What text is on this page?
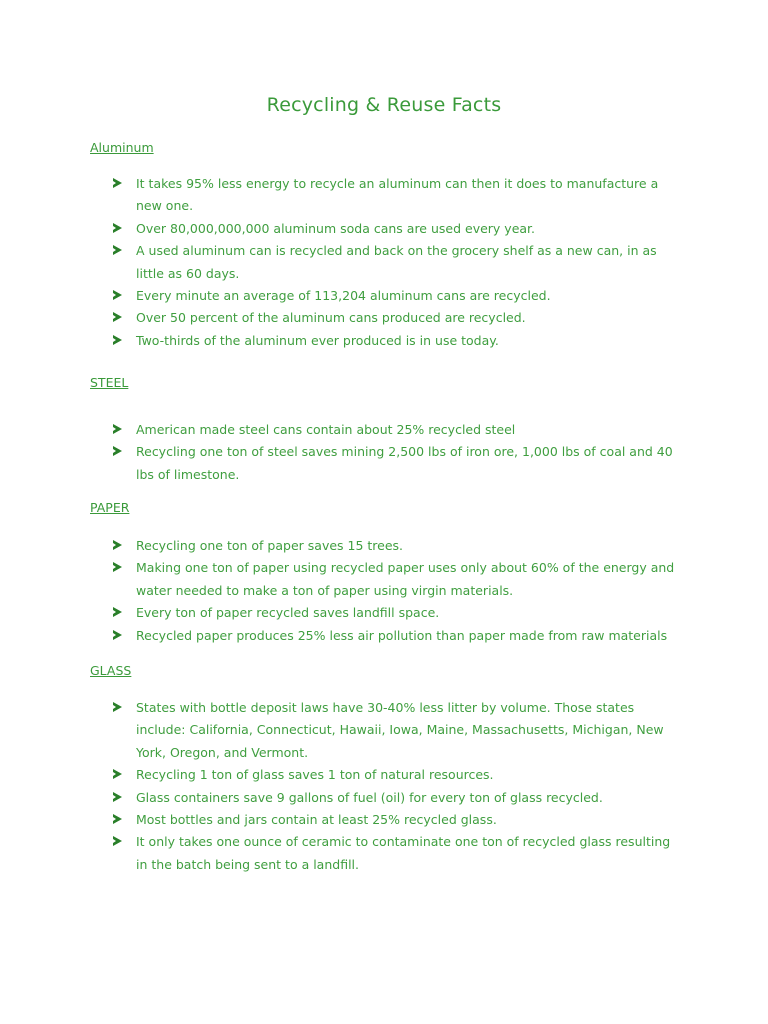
Recycling & Reuse Facts
Aluminum
It takes 95% less energy to recycle an aluminum can then it does to manufacture a new one.
Over 80,000,000,000 aluminum soda cans are used every year.
A used aluminum can is recycled and back on the grocery shelf as a new can, in as little as 60 days.
Every minute an average of 113,204 aluminum cans are recycled.
Over 50 percent of the aluminum cans produced are recycled.
Two-thirds of the aluminum ever produced is in use today.
STEEL
American made steel cans contain about 25% recycled steel
Recycling one ton of steel saves mining 2,500 lbs of iron ore, 1,000 lbs of coal and 40 lbs of limestone.
PAPER
Recycling one ton of paper saves 15 trees.
Making one ton of paper using recycled paper uses only about 60% of the energy and water needed to make a ton of paper using virgin materials.
Every ton of paper recycled saves landfill space.
Recycled paper produces 25% less air pollution than paper made from raw materials
GLASS
States with bottle deposit laws have 30-40% less litter by volume. Those states include: California, Connecticut, Hawaii, Iowa, Maine, Massachusetts, Michigan, New York, Oregon, and Vermont.
Recycling 1 ton of glass saves 1 ton of natural resources.
Glass containers save 9 gallons of fuel (oil) for every ton of glass recycled.
Most bottles and jars contain at least 25% recycled glass.
It only takes one ounce of ceramic to contaminate one ton of recycled glass resulting in the batch being sent to a landfill.
